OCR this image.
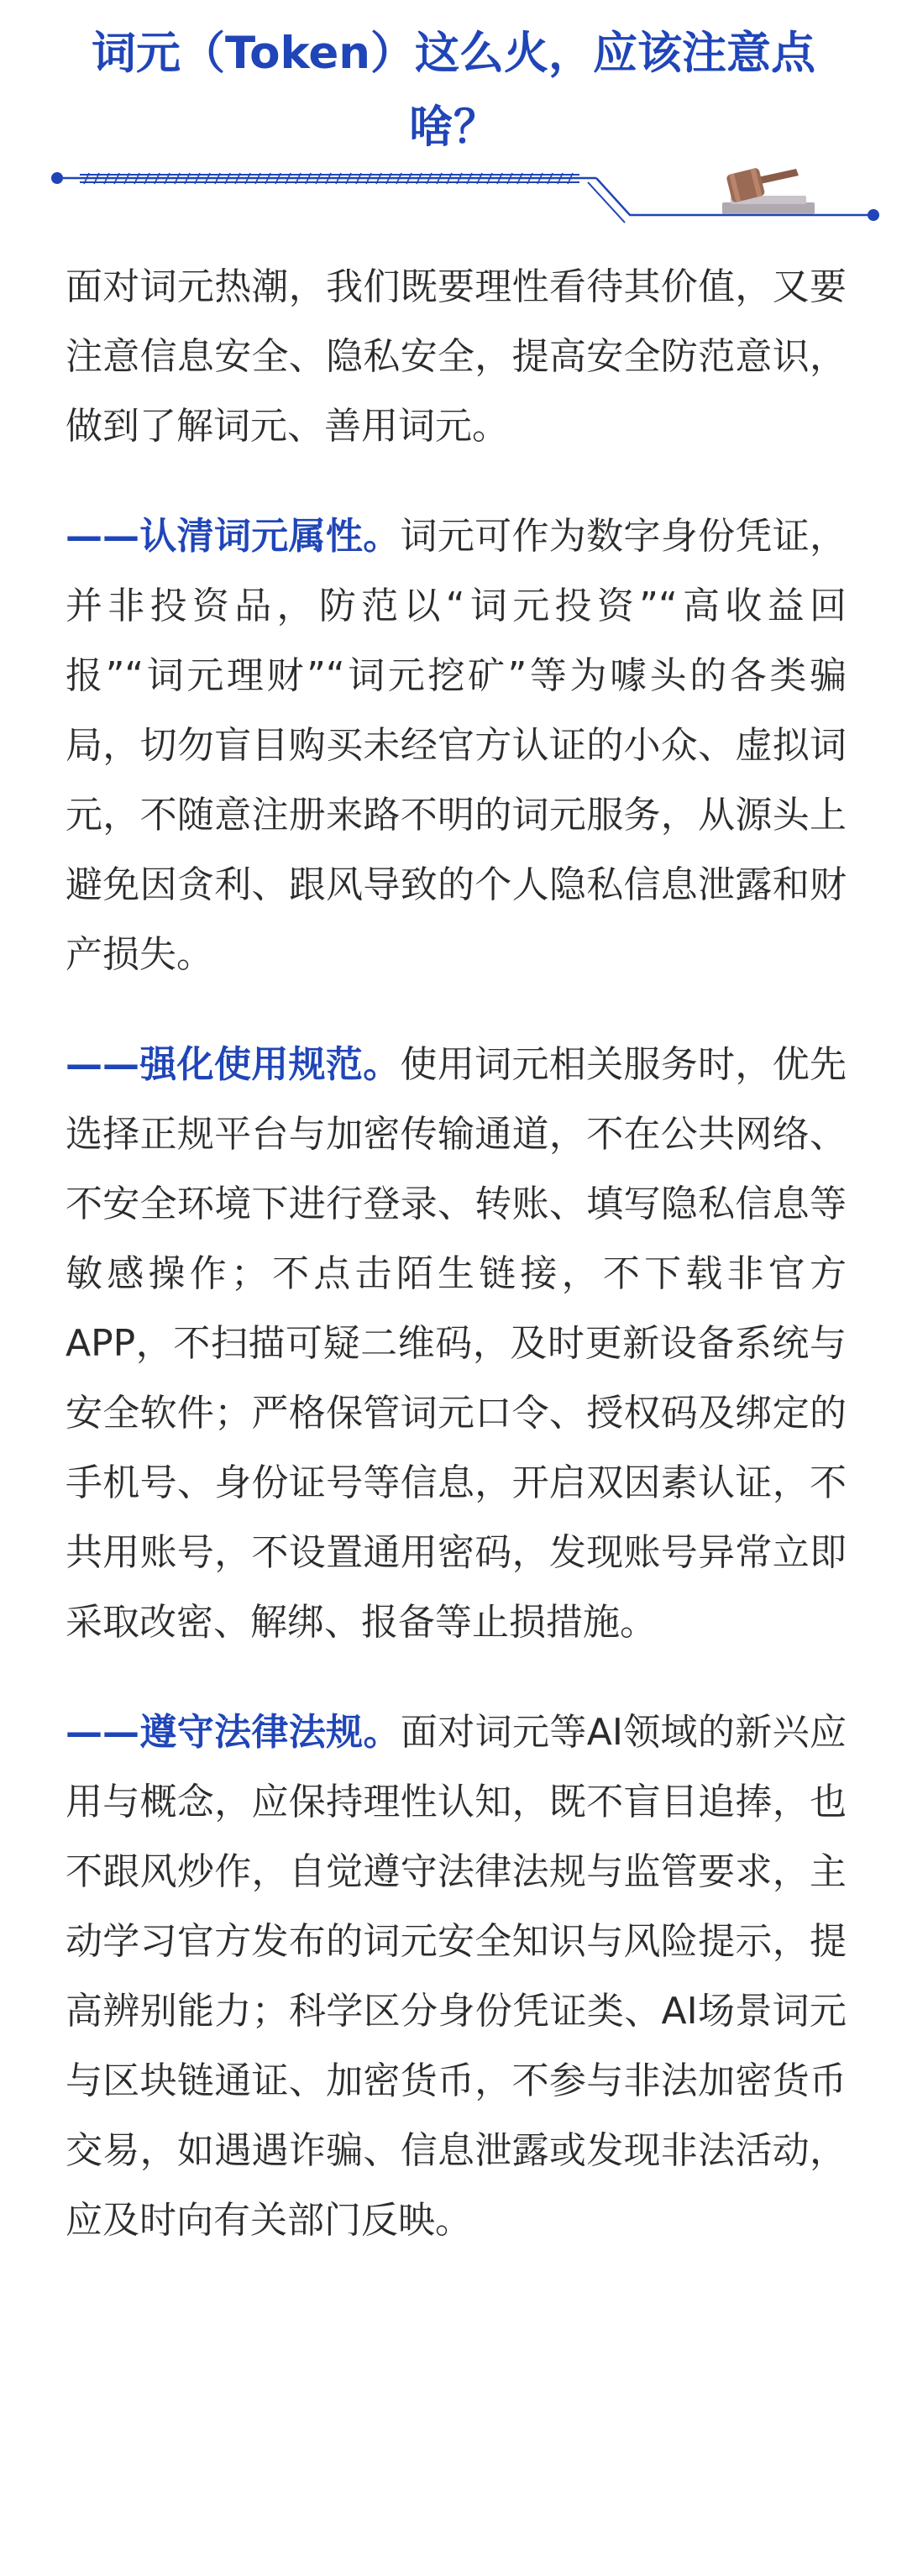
词元（Token）这么火，应该注意点啥？

面对词元热潮，我们既要理性看待其价值，又要注意信息安全、隐私安全，提高安全防范意识，做到了解词元、善用词元。

——认清词元属性。词元可作为数字身份凭证，并非投资品，防范以“词元投资”“高收益回报”“词元理财”“词元挖矿”等为噱头的各类骗局，切勿盲目购买未经官方认证的小众、虚拟词元，不随意注册来路不明的词元服务，从源头上避免因贪利、跟风导致的个人隐私信息泄露和财产损失。

——强化使用规范。使用词元相关服务时，优先选择正规平台与加密传输通道，不在公共网络、不安全环境下进行登录、转账、填写隐私信息等敏感操作；不点击陌生链接，不下载非官方APP，不扫描可疑二维码，及时更新设备系统与安全软件；严格保管词元口令、授权码及绑定的手机号、身份证号等信息，开启双因素认证，不共用账号，不设置通用密码，发现账号异常立即采取改密、解绑、报备等止损措施。

——遵守法律法规。面对词元等AI领域的新兴应用与概念，应保持理性认知，既不盲目追捧，也不跟风炒作，自觉遵守法律法规与监管要求，主动学习官方发布的词元安全知识与风险提示，提高辨别能力；科学区分身份凭证类、AI场景词元与区块链通证、加密货币，不参与非法加密货币交易，如遇遇诈骗、信息泄露或发现非法活动，应及时向有关部门反映。
